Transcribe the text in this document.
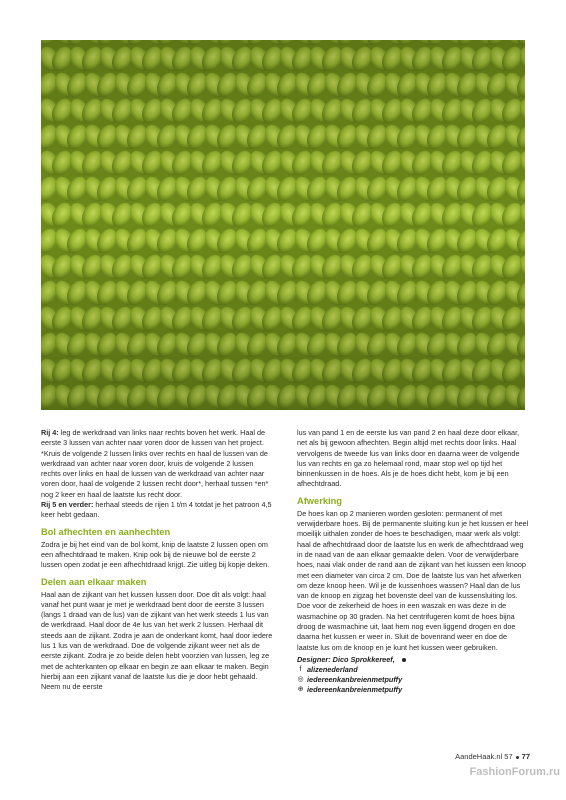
Rij 4: leg de werkdraad van links naar rechts boven het werk. Haal de eerste 3 lussen van achter naar voren door de lussen van het project. *Kruis de volgende 2 lussen links over rechts en haal de lussen van de werkdraad van achter naar voren door, kruis de volgende 2 lussen rechts over links en haal de lussen van de werkdraad van achter naar voren door, haal de volgende 2 lussen recht door*, herhaal tussen *en* nog 2 keer en haal de laatste lus recht door.

Rij 5 en verder: herhaal steeds de rijen 1 t/m 4 totdat je het patroon 4,5 keer hebt gedaan.

Bol afhechten en aanhechten

Zodra je bij het eind van de bol komt, knip de laatste 2 lussen open om een afhechtdraad te maken. Knip ook bij de nieuwe bol de eerste 2 lussen open zodat je een afhechtdraad krijgt. Zie uitleg bij kopje deken.

Delen aan elkaar maken

Haal aan de zijkant van het kussen lussen door. Doe dit als volgt: haal vanaf het punt waar je met je werkdraad bent door de eerste 3 lussen (langs 1 draad van de lus) van de zijkant van het werk steeds 1 lus van de werkdraad. Haal door de 4e lus van het werk 2 lussen. Herhaal dit steeds aan de zijkant. Zodra je aan de onderkant komt, haal door iedere lus 1 lus van de werkdraad. Doe de volgende zijkant weer net als de eerste zijkant. Zodra je zo beide delen hebt voorzien van lussen, leg ze met de achterkanten op elkaar en begin ze aan elkaar te maken. Begin hierbij aan een zijkant vanaf de laatste lus die je door hebt gehaald. Neem nu de eerste

lus van pand 1 en de eerste lus van pand 2 en haal deze door elkaar, net als bij gewoon afhechten. Begin altijd met rechts door links. Haal vervolgens de tweede lus van links door en daarna weer de volgende lus van rechts en ga zo helemaal rond, maar stop wel op tijd het binnenkussen in de hoes. Als je de hoes dicht hebt, kom je bij een afhechtdraad.

Afwerking

De hoes kan op 2 manieren worden gesloten: permanent of met verwijderbare hoes. Bij de permanente sluiting kun je het kussen er heel moeilijk uithalen zonder de hoes te beschadigen, maar werk als volgt: haal de afhechtdraad door de laatste lus en werk de afhechtdraad weg in de naad van de aan elkaar gemaakte delen. Voor de verwijderbare hoes, naai vlak onder de rand aan de zijkant van het kussen een knoop met een diameter van circa 2 cm. Doe de laatste lus van het afwerken om deze knoop heen. Wil je de kussenhoes wassen? Haal dan de lus van de knoop en zigzag het bovenste deel van de kussensluiting los. Doe voor de zekerheid de hoes in een waszak en was deze in de wasmachine op 30 graden. Na het centrifugeren komt de hoes bijna droog de wasmachine uit, laat hem nog even liggend drogen en doe daarna het kussen er weer in. Sluit de bovenrand weer en doe de laatste lus om de knoop en je kunt het kussen weer gebruiken.

Designer: Dico Sprokkereef,
f alizenederland
◎ iedereenkanbreienmetpuffy
⊕ iedereenkanbreienmetpuffy
AandeHaak.nl 57 77
FashionForum.ru
